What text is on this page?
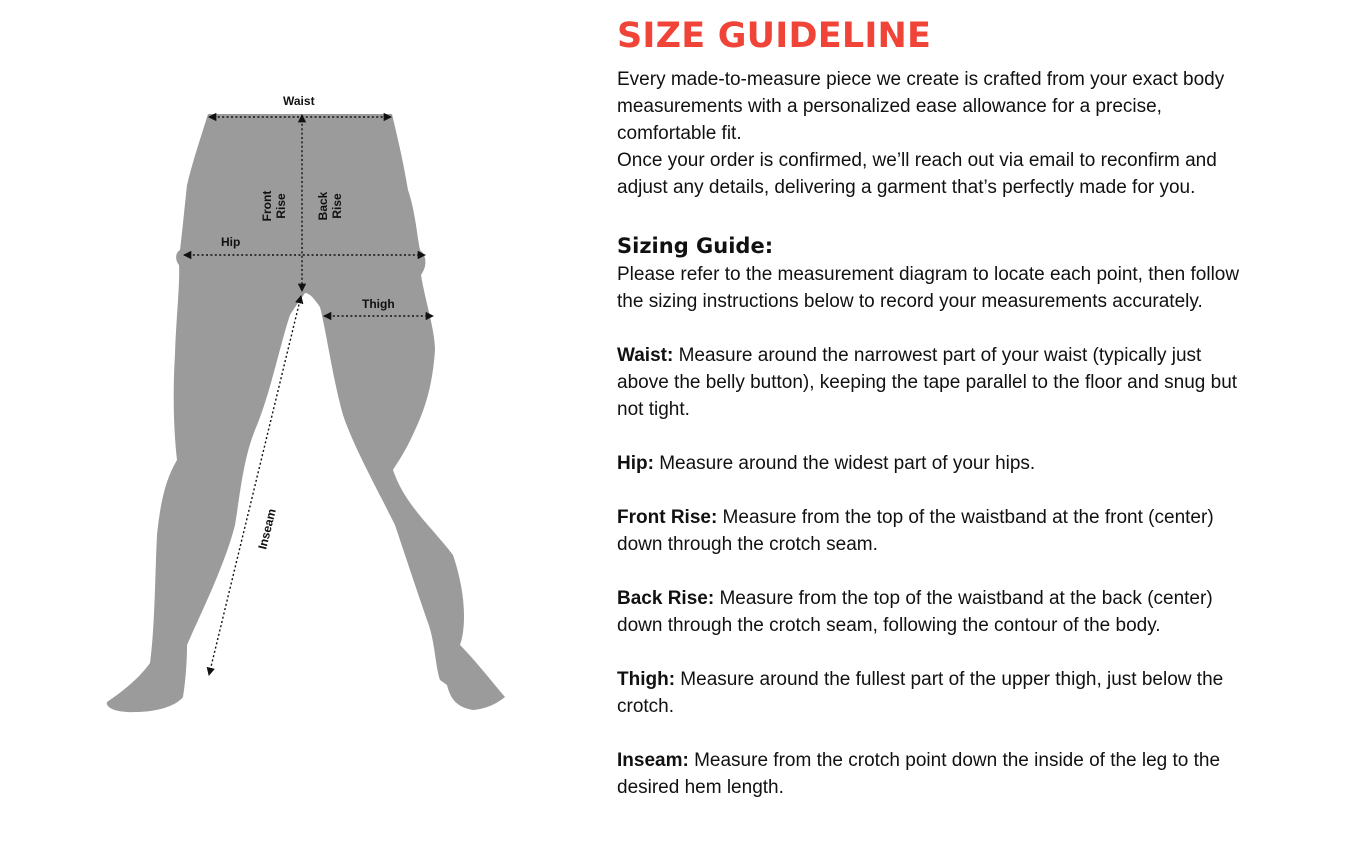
Waist
Front Rise Back Rise
Hip
Thigh
Inseam
SIZE GUIDELINE

Every made-to-measure piece we create is crafted from your exact body measurements with a personalized ease allowance for a precise, comfortable fit.

Once your order is confirmed, we’ll reach out via email to reconfirm and adjust any details, delivering a garment that’s perfectly made for you.

Sizing Guide:

Please refer to the measurement diagram to locate each point, then follow the sizing instructions below to record your measurements accurately.

Waist: Measure around the narrowest part of your waist (typically just above the belly button), keeping the tape parallel to the floor and snug but not tight.

Hip: Measure around the widest part of your hips.

Front Rise: Measure from the top of the waistband at the front (center) down through the crotch seam.

Back Rise: Measure from the top of the waistband at the back (center) down through the crotch seam, following the contour of the body.

Thigh: Measure around the fullest part of the upper thigh, just below the crotch.

Inseam: Measure from the crotch point down the inside of the leg to the desired hem length.
